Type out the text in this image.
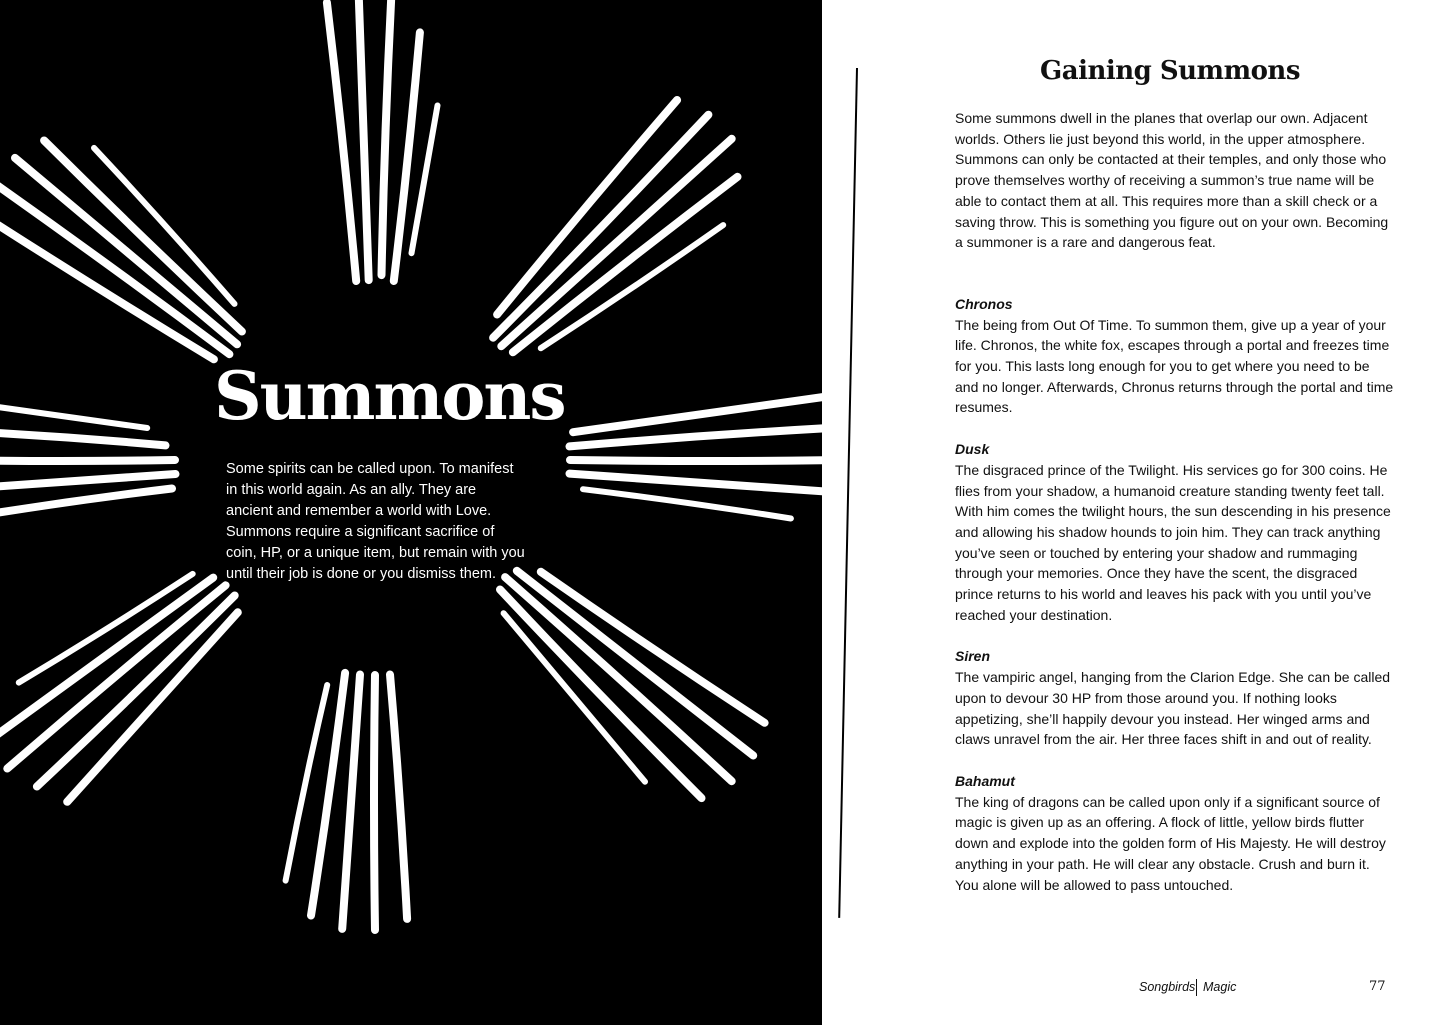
Summons

Some spirits can be called upon. To manifest in this world again. As an ally. They are ancient and remember a world with Love. Summons require a significant sacrifice of coin, HP, or a unique item, but remain with you until their job is done or you dismiss them.

Gaining Summons

Some summons dwell in the planes that overlap our own. Adjacent worlds. Others lie just beyond this world, in the upper atmosphere. Summons can only be contacted at their temples, and only those who prove themselves worthy of receiving a summon’s true name will be able to contact them at all. This requires more than a skill check or a saving throw. This is something you figure out on your own. Becoming a summoner is a rare and dangerous feat.

Chronos

The being from Out Of Time. To summon them, give up a year of your life. Chronos, the white fox, escapes through a portal and freezes time for you. This lasts long enough for you to get where you need to be and no longer. Afterwards, Chronus returns through the portal and time resumes.

Dusk

The disgraced prince of the Twilight. His services go for 300 coins. He flies from your shadow, a humanoid creature standing twenty feet tall. With him comes the twilight hours, the sun descending in his presence and allowing his shadow hounds to join him. They can track anything you’ve seen or touched by entering your shadow and rummaging through your memories. Once they have the scent, the disgraced prince returns to his world and leaves his pack with you until you’ve reached your destination.

Siren

The vampiric angel, hanging from the Clarion Edge. She can be called upon to devour 30 HP from those around you. If nothing looks appetizing, she’ll happily devour you instead. Her winged arms and claws unravel from the air. Her three faces shift in and out of reality.

Bahamut

The king of dragons can be called upon only if a significant source of magic is given up as an offering. A flock of little, yellow birds flutter down and explode into the golden form of His Majesty. He will destroy anything in your path. He will clear any obstacle. Crush and burn it. You alone will be allowed to pass untouched.

Songbirds Magic	77
